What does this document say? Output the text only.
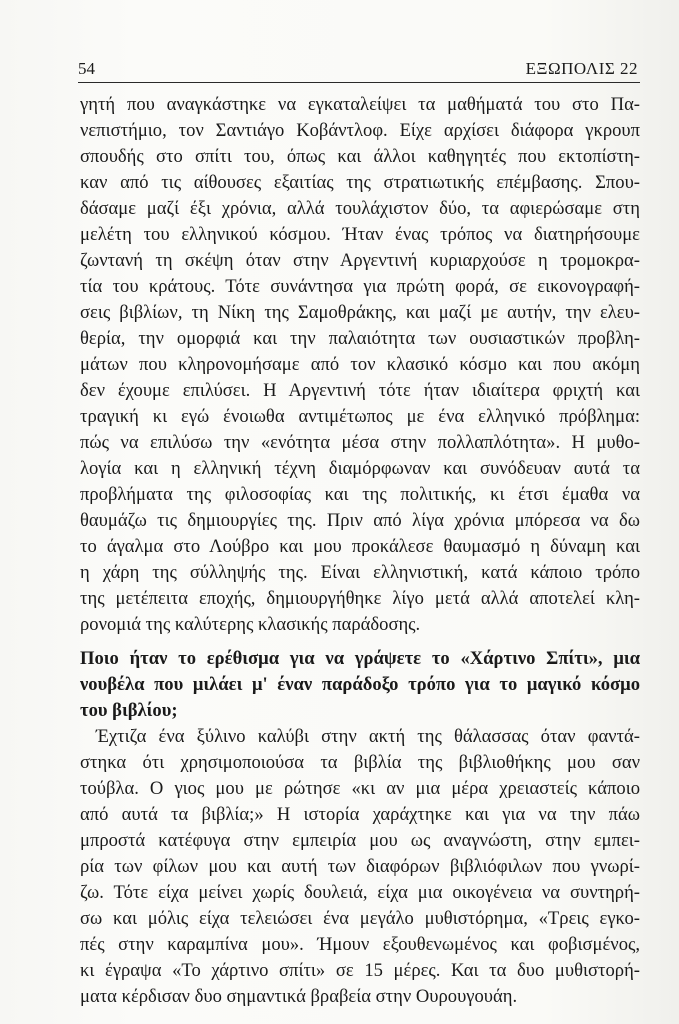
54	ΕΞΩΠΟΛΙΣ 22
γητή που αναγκάστηκε να εγκαταλείψει τα μαθήματά του στο Πα-
νεπιστήμιο, τον Σαντιάγο Κοβάντλοφ. Είχε αρχίσει διάφορα γκρουπ
σπουδής στο σπίτι του, όπως και άλλοι καθηγητές που εκτοπίστη-
καν από τις αίθουσες εξαιτίας της στρατιωτικής επέμβασης. Σπου-
δάσαμε μαζί έξι χρόνια, αλλά τουλάχιστον δύο, τα αφιερώσαμε στη
μελέτη του ελληνικού κόσμου. Ήταν ένας τρόπος να διατηρήσουμε
ζωντανή τη σκέψη όταν στην Αργεντινή κυριαρχούσε η τρομοκρα-
τία του κράτους. Τότε συνάντησα για πρώτη φορά, σε εικονογραφή-
σεις βιβλίων, τη Νίκη της Σαμοθράκης, και μαζί με αυτήν, την ελευ-
θερία, την ομορφιά και την παλαιότητα των ουσιαστικών προβλη-
μάτων που κληρονομήσαμε από τον κλασικό κόσμο και που ακόμη
δεν έχουμε επιλύσει. Η Αργεντινή τότε ήταν ιδιαίτερα φριχτή και
τραγική κι εγώ ένοιωθα αντιμέτωπος με ένα ελληνικό πρόβλημα:
πώς να επιλύσω την «ενότητα μέσα στην πολλαπλότητα». Η μυθο-
λογία και η ελληνική τέχνη διαμόρφωναν και συνόδευαν αυτά τα
προβλήματα της φιλοσοφίας και της πολιτικής, κι έτσι έμαθα να
θαυμάζω τις δημιουργίες της. Πριν από λίγα χρόνια μπόρεσα να δω
το άγαλμα στο Λούβρο και μου προκάλεσε θαυμασμό η δύναμη και
η χάρη της σύλληψής της. Είναι ελληνιστική, κατά κάποιο τρόπο
της μετέπειτα εποχής, δημιουργήθηκε λίγο μετά αλλά αποτελεί κλη-
ρονομιά της καλύτερης κλασικής παράδοσης.
Ποιο ήταν το ερέθισμα για να γράψετε το «Χάρτινο Σπίτι», μια
νουβέλα που μιλάει μ' έναν παράδοξο τρόπο για το μαγικό κόσμο
του βιβλίου;
Έχτιζα ένα ξύλινο καλύβι στην ακτή της θάλασσας όταν φαντά-
στηκα ότι χρησιμοποιούσα τα βιβλία της βιβλιοθήκης μου σαν
τούβλα. Ο γιος μου με ρώτησε «κι αν μια μέρα χρειαστείς κάποιο
από αυτά τα βιβλία;» Η ιστορία χαράχτηκε και για να την πάω
μπροστά κατέφυγα στην εμπειρία μου ως αναγνώστη, στην εμπει-
ρία των φίλων μου και αυτή των διαφόρων βιβλιόφιλων που γνωρί-
ζω. Τότε είχα μείνει χωρίς δουλειά, είχα μια οικογένεια να συντηρή-
σω και μόλις είχα τελειώσει ένα μεγάλο μυθιστόρημα, «Τρεις εγκο-
πές στην καραμπίνα μου». Ήμουν εξουθενωμένος και φοβισμένος,
κι έγραψα «Το χάρτινο σπίτι» σε 15 μέρες. Και τα δυο μυθιστορή-
ματα κέρδισαν δυο σημαντικά βραβεία στην Ουρουγουάη.
